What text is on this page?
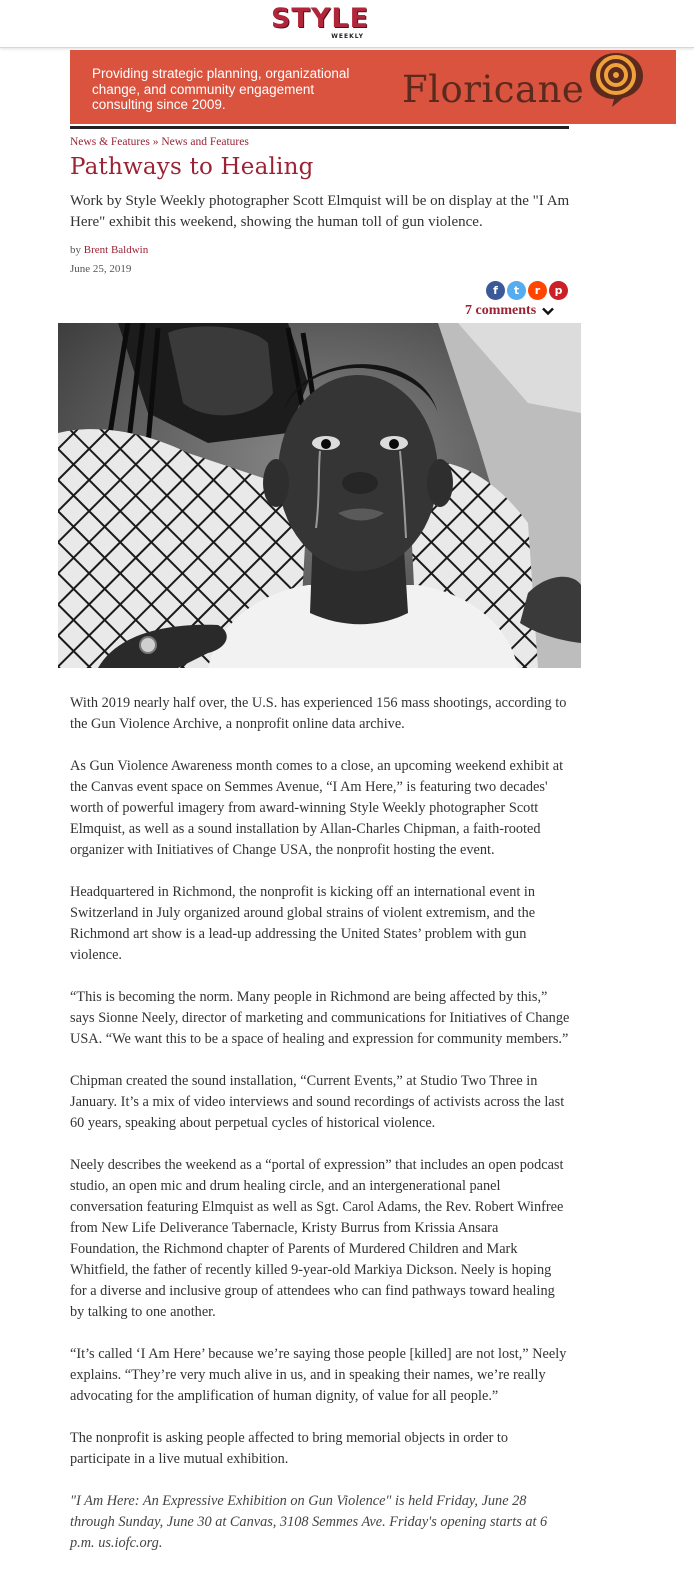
STYLE
WEEKLY
Providing strategic planning, organizational change, and community engagement consulting since 2009.	Floricane
News & Features » News and Features
Pathways to Healing

Work by Style Weekly photographer Scott Elmquist will be on display at the "I Am Here" exhibit this weekend, showing the human toll of gun violence.

by Brent Baldwin
June 25, 2019
f	t	r	p
7 comments

With 2019 nearly half over, the U.S. has experienced 156 mass shootings, according to the Gun Violence Archive, a nonprofit online data archive.

As Gun Violence Awareness month comes to a close, an upcoming weekend exhibit at the Canvas event space on Semmes Avenue, “I Am Here,” is featuring two decades' worth of powerful imagery from award-winning Style Weekly photographer Scott Elmquist, as well as a sound installation by Allan-Charles Chipman, a faith-rooted organizer with Initiatives of Change USA, the nonprofit hosting the event.

Headquartered in Richmond, the nonprofit is kicking off an international event in Switzerland in July organized around global strains of violent extremism, and the Richmond art show is a lead-up addressing the United States’ problem with gun violence.

“This is becoming the norm. Many people in Richmond are being affected by this,” says Sionne Neely, director of marketing and communications for Initiatives of Change USA. “We want this to be a space of healing and expression for community members.”

Chipman created the sound installation, “Current Events,” at Studio Two Three in January. It’s a mix of video interviews and sound recordings of activists across the last 60 years, speaking about perpetual cycles of historical violence.

Neely describes the weekend as a “portal of expression” that includes an open podcast studio, an open mic and drum healing circle, and an intergenerational panel conversation featuring Elmquist as well as Sgt. Carol Adams, the Rev. Robert Winfree from New Life Deliverance Tabernacle, Kristy Burrus from Krissia Ansara Foundation, the Richmond chapter of Parents of Murdered Children and Mark Whitfield, the father of recently killed 9-year-old Markiya Dickson. Neely is hoping for a diverse and inclusive group of attendees who can find pathways toward healing by talking to one another.

“It’s called ‘I Am Here’ because we’re saying those people [killed] are not lost,” Neely explains. “They’re very much alive in us, and in speaking their names, we’re really advocating for the amplification of human dignity, of value for all people.”

The nonprofit is asking people affected to bring memorial objects in order to participate in a live mutual exhibition.

"I Am Here: An Expressive Exhibition on Gun Violence" is held Friday, June 28 through Sunday, June 30 at Canvas, 3108 Semmes Ave. Friday's opening starts at 6 p.m. us.iofc.org.
